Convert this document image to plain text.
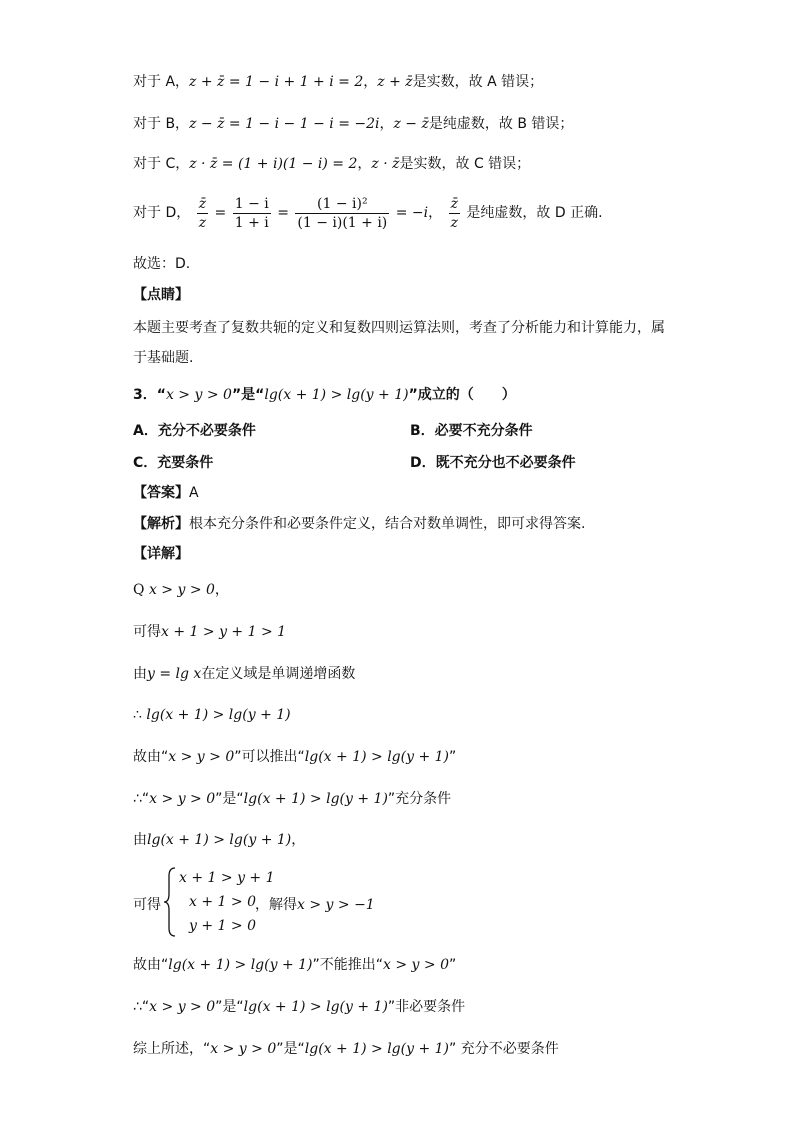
对于 A，z + z̄ = 1 − i + 1 + i = 2，z + z̄是实数，故 A 错误；
对于 B，z − z̄ = 1 − i − 1 − i = −2i，z − z̄是纯虚数，故 B 错误；
对于 C，z · z̄ = (1 + i)(1 − i) = 2，z · z̄是实数，故 C 错误；
对于 D， $\frac{z̄}{z} = \frac{1 - i}{1 + i} = \frac{\text{(1 − i)²}}{(1 - i)(1 + i)} = -i$， $\frac{z̄}{z}$ 是纯虚数，故 D 正确.
故选：D.
【点睛】
本题主要考查了复数共轭的定义和复数四则运算法则，考查了分析能力和计算能力，属
于基础题.
3．“x > y > 0”是“lg(x + 1) > lg(y + 1)”成立的（　　）
A．充分不必要条件	B．必要不充分条件
C．充要条件	D．既不充分也不必要条件
【答案】A
【解析】根本充分条件和必要条件定义，结合对数单调性，即可求得答案.
【详解】
Q x > y > 0，
可得x + 1 > y + 1 > 1
由y = lg x在定义域是单调递增函数
∴ lg(x + 1) > lg(y + 1)
故由“x > y > 0”可以推出“lg(x + 1) > lg(y + 1)”
∴“x > y > 0”是“lg(x + 1) > lg(y + 1)”充分条件
由lg(x + 1) > lg(y + 1)，
可得
x + 1 > y + 1
x + 1 > 0
y + 1 > 0
，解得x > y > −1
故由“lg(x + 1) > lg(y + 1)”不能推出“x > y > 0”
∴“x > y > 0”是“lg(x + 1) > lg(y + 1)”非必要条件
综上所述，“x > y > 0”是“lg(x + 1) > lg(y + 1)” 充分不必要条件
